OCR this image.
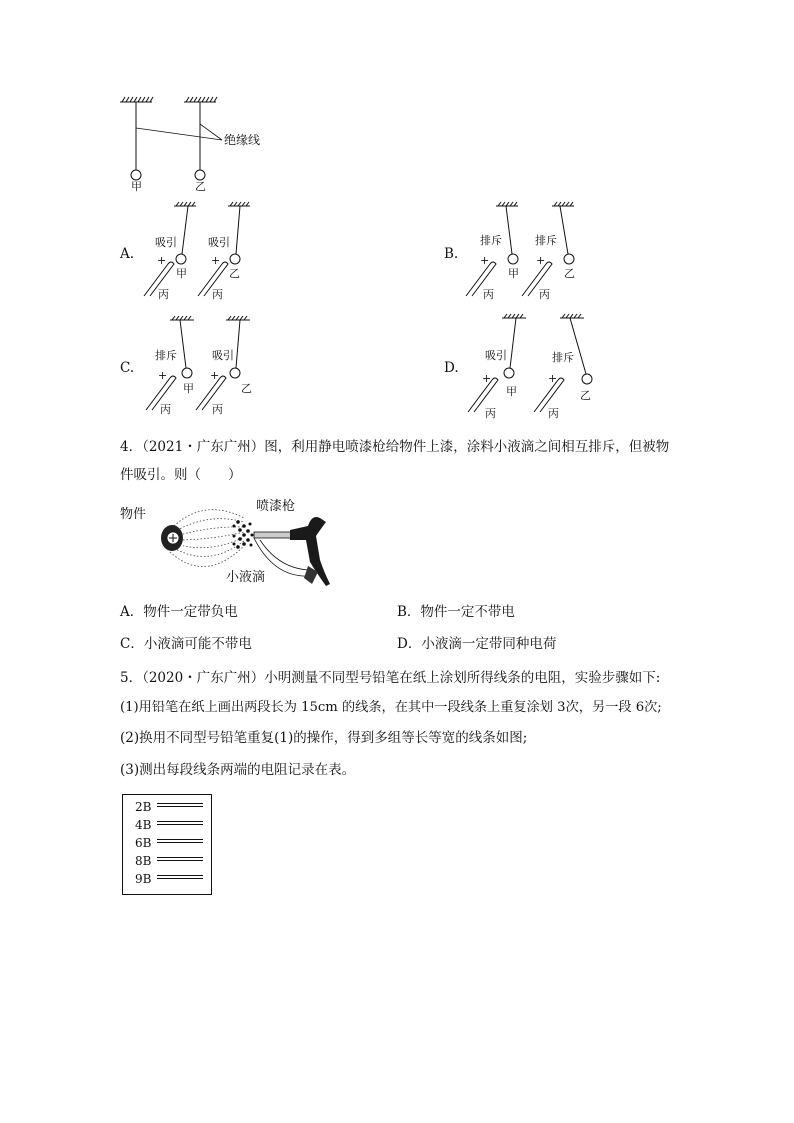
绝缘线
甲	乙
A.
吸引	吸引
甲	乙
+	+
丙	丙
B.
排斥	排斥
甲	乙
+	+
丙	丙
C.
排斥	吸引
甲	乙
+	+
丙	丙
D.
吸引	排斥
甲	乙
+	+
丙	丙
4．（2021・广东广州）图，利用静电喷漆枪给物件上漆，涂料小液滴之间相互排斥，但被物
件吸引。则（　　）
物件
喷漆枪
小液滴
A．物件一定带负电	B．物件一定不带电
C．小液滴可能不带电	D．小液滴一定带同种电荷
5．（2020・广东广州）小明测量不同型号铅笔在纸上涂划所得线条的电阻，实验步骤如下:
(1)用铅笔在纸上画出两段长为 15cm 的线条，在其中一段线条上重复涂划 3次，另一段 6次;
(2)换用不同型号铅笔重复(1)的操作，得到多组等长等宽的线条如图;
(3)测出每段线条两端的电阻记录在表。
2B
4B
6B
8B
9B
